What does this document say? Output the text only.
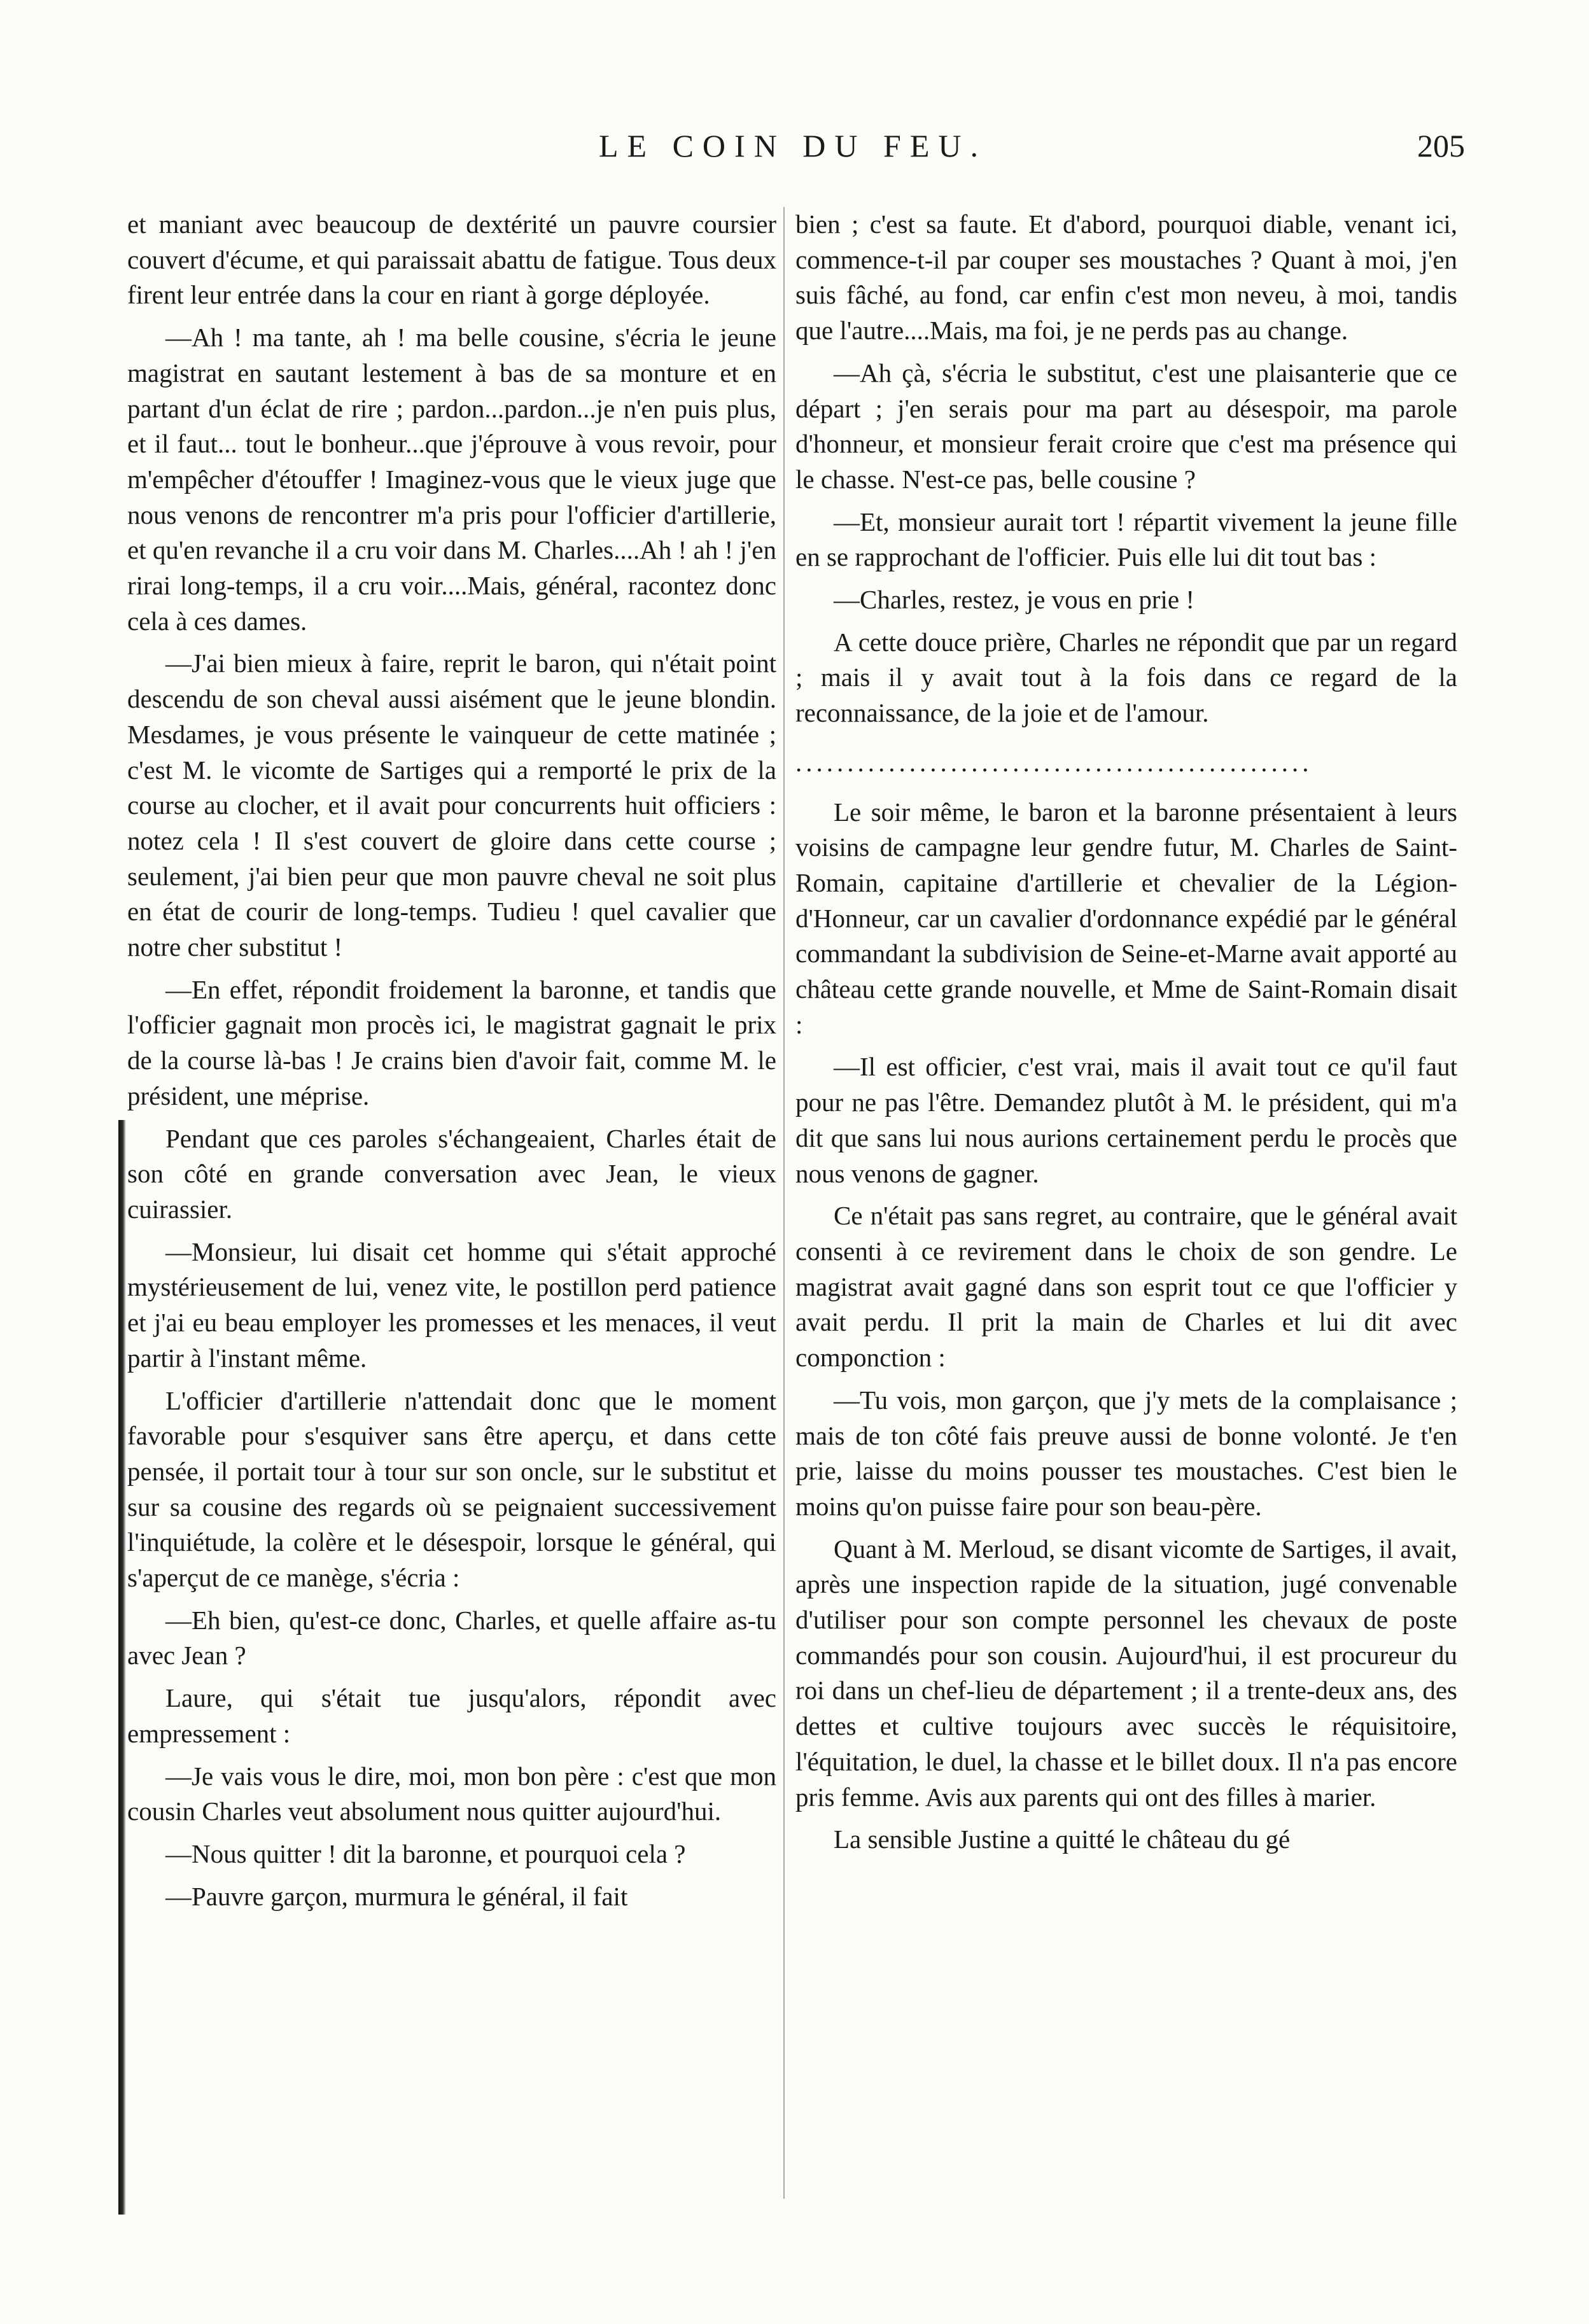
LE COIN DU FEU.	205

et maniant avec beaucoup de dextérité un pauvre coursier couvert d'écume, et qui paraissait abattu de fatigue. Tous deux firent leur entrée dans la cour en riant à gorge déployée.

—Ah ! ma tante, ah ! ma belle cousine, s'écria le jeune magistrat en sautant lestement à bas de sa monture et en partant d'un éclat de rire ; pardon...pardon...je n'en puis plus, et il faut... tout le bonheur...que j'éprouve à vous revoir, pour m'empêcher d'étouffer ! Imaginez-vous que le vieux juge que nous venons de rencontrer m'a pris pour l'officier d'artillerie, et qu'en revanche il a cru voir dans M. Charles....Ah ! ah ! j'en rirai long-temps, il a cru voir....Mais, général, racontez donc cela à ces dames.

—J'ai bien mieux à faire, reprit le baron, qui n'était point descendu de son cheval aussi aisément que le jeune blondin. Mesdames, je vous présente le vainqueur de cette matinée ; c'est M. le vicomte de Sartiges qui a remporté le prix de la course au clocher, et il avait pour concurrents huit officiers : notez cela ! Il s'est couvert de gloire dans cette course ; seulement, j'ai bien peur que mon pauvre cheval ne soit plus en état de courir de long-temps. Tudieu ! quel cavalier que notre cher substitut !

—En effet, répondit froidement la baronne, et tandis que l'officier gagnait mon procès ici, le magistrat gagnait le prix de la course là-bas ! Je crains bien d'avoir fait, comme M. le président, une méprise.

Pendant que ces paroles s'échangeaient, Charles était de son côté en grande conversation avec Jean, le vieux cuirassier.

—Monsieur, lui disait cet homme qui s'était approché mystérieusement de lui, venez vite, le postillon perd patience et j'ai eu beau employer les promesses et les menaces, il veut partir à l'instant même.

L'officier d'artillerie n'attendait donc que le moment favorable pour s'esquiver sans être aperçu, et dans cette pensée, il portait tour à tour sur son oncle, sur le substitut et sur sa cousine des regards où se peignaient successivement l'inquiétude, la colère et le désespoir, lorsque le général, qui s'aperçut de ce manège, s'écria :

—Eh bien, qu'est-ce donc, Charles, et quelle affaire as-tu avec Jean ?

Laure, qui s'était tue jusqu'alors, répondit avec empressement :

—Je vais vous le dire, moi, mon bon père : c'est que mon cousin Charles veut absolument nous quitter aujourd'hui.

—Nous quitter ! dit la baronne, et pourquoi cela ?

—Pauvre garçon, murmura le général, il fait

bien ; c'est sa faute. Et d'abord, pourquoi diable, venant ici, commence-t-il par couper ses moustaches ? Quant à moi, j'en suis fâché, au fond, car enfin c'est mon neveu, à moi, tandis que l'autre....Mais, ma foi, je ne perds pas au change.

—Ah çà, s'écria le substitut, c'est une plaisanterie que ce départ ; j'en serais pour ma part au désespoir, ma parole d'honneur, et monsieur ferait croire que c'est ma présence qui le chasse. N'est-ce pas, belle cousine ?

—Et, monsieur aurait tort ! répartit vivement la jeune fille en se rapprochant de l'officier. Puis elle lui dit tout bas :

—Charles, restez, je vous en prie !

A cette douce prière, Charles ne répondit que par un regard ; mais il y avait tout à la fois dans ce regard de la reconnaissance, de la joie et de l'amour.

..................................................

Le soir même, le baron et la baronne présentaient à leurs voisins de campagne leur gendre futur, M. Charles de Saint-Romain, capitaine d'artillerie et chevalier de la Légion-d'Honneur, car un cavalier d'ordonnance expédié par le général commandant la subdivision de Seine-et-Marne avait apporté au château cette grande nouvelle, et Mme de Saint-Romain disait :

—Il est officier, c'est vrai, mais il avait tout ce qu'il faut pour ne pas l'être. Demandez plutôt à M. le président, qui m'a dit que sans lui nous aurions certainement perdu le procès que nous venons de gagner.

Ce n'était pas sans regret, au contraire, que le général avait consenti à ce revirement dans le choix de son gendre. Le magistrat avait gagné dans son esprit tout ce que l'officier y avait perdu. Il prit la main de Charles et lui dit avec componction :

—Tu vois, mon garçon, que j'y mets de la complaisance ; mais de ton côté fais preuve aussi de bonne volonté. Je t'en prie, laisse du moins pousser tes moustaches. C'est bien le moins qu'on puisse faire pour son beau-père.

Quant à M. Merloud, se disant vicomte de Sartiges, il avait, après une inspection rapide de la situation, jugé convenable d'utiliser pour son compte personnel les chevaux de poste commandés pour son cousin. Aujourd'hui, il est procureur du roi dans un chef-lieu de département ; il a trente-deux ans, des dettes et cultive toujours avec succès le réquisitoire, l'équitation, le duel, la chasse et le billet doux. Il n'a pas encore pris femme. Avis aux parents qui ont des filles à marier.

La sensible Justine a quitté le château du gé
